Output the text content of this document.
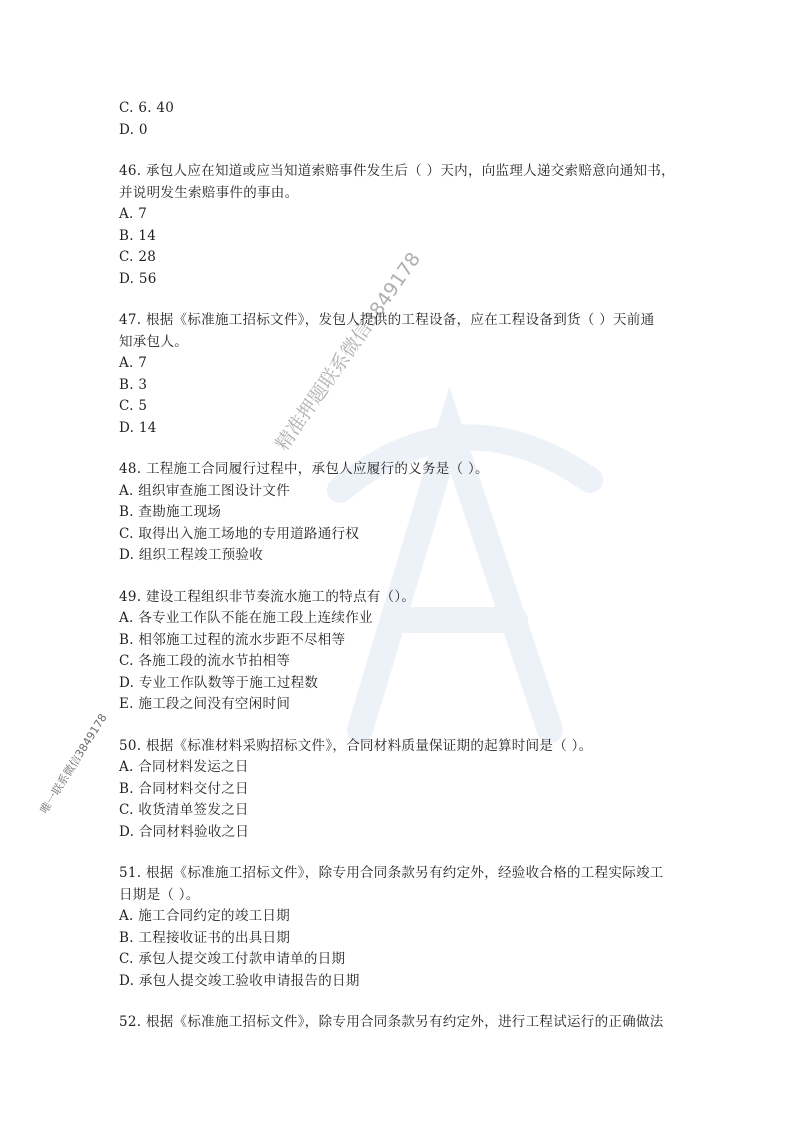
C. 6. 40
D. 0
46. 承包人应在知道或应当知道索赔事件发生后（ ）天内，向监理人递交索赔意向通知书，
并说明发生索赔事件的事由。
A. 7
B. 14
C. 28
D. 56
47. 根据《标准施工招标文件》，发包人提供的工程设备，应在工程设备到货（ ）天前通
知承包人。
A. 7
B. 3
C. 5
D. 14
48. 工程施工合同履行过程中，承包人应履行的义务是（ ）。
A. 组织审查施工图设计文件
B. 查勘施工现场
C. 取得出入施工场地的专用道路通行权
D. 组织工程竣工预验收
49. 建设工程组织非节奏流水施工的特点有（）。
A. 各专业工作队不能在施工段上连续作业
B. 相邻施工过程的流水步距不尽相等
C. 各施工段的流水节拍相等
D. 专业工作队数等于施工过程数
E. 施工段之间没有空闲时间
50. 根据《标准材料采购招标文件》，合同材料质量保证期的起算时间是（ ）。
A. 合同材料发运之日
B. 合同材料交付之日
C. 收货清单签发之日
D. 合同材料验收之日
51. 根据《标准施工招标文件》，除专用合同条款另有约定外，经验收合格的工程实际竣工
日期是（ ）。
A. 施工合同约定的竣工日期
B. 工程接收证书的出具日期
C. 承包人提交竣工付款申请单的日期
D. 承包人提交竣工验收申请报告的日期
52. 根据《标准施工招标文件》，除专用合同条款另有约定外，进行工程试运行的正确做法
精准押题联系微信3849178
唯一联系微信3849178
